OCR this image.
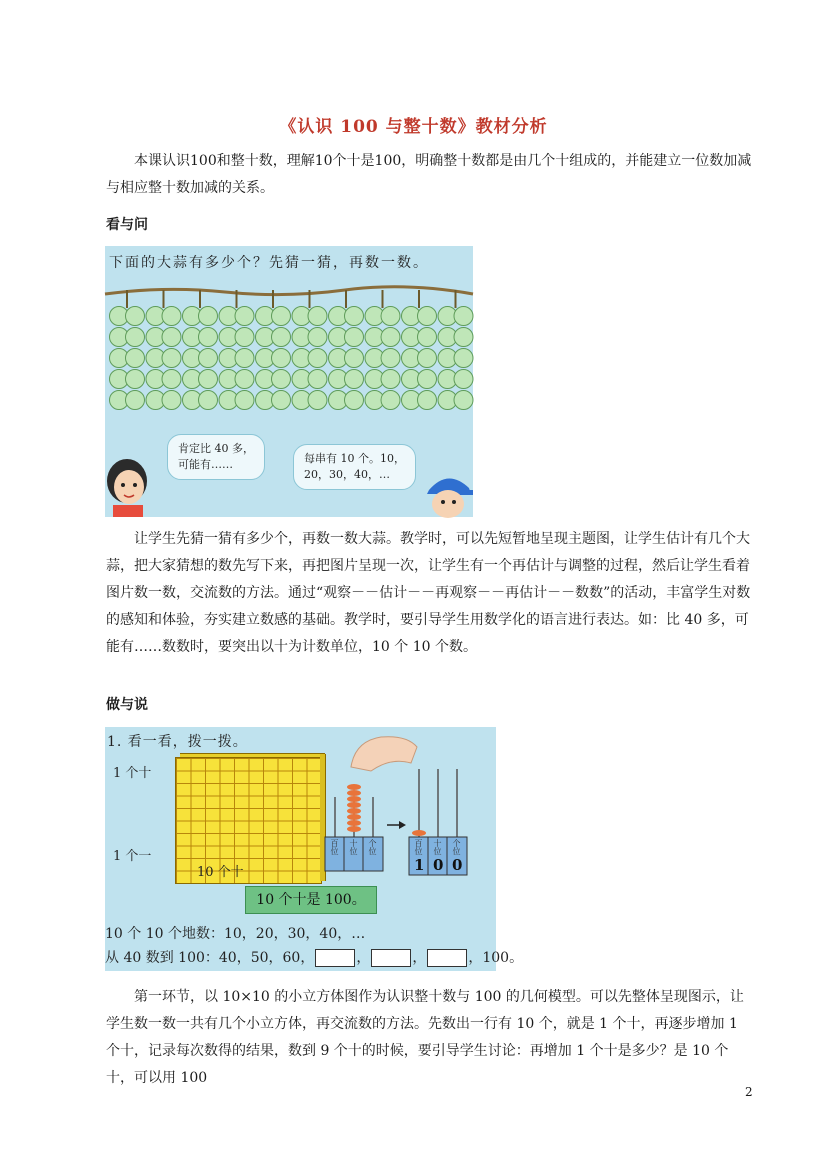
《认识 100 与整十数》教材分析
本课认识100和整十数，理解10个十是100，明确整十数都是由几个十组成的，并能建立一位数加减与相应整十数加减的关系。
看与问
下面的大蒜有多少个？先猜一猜，再数一数。
肯定比 40 多，
可能有……	每串有 10 个。10，
20，30，40，…
让学生先猜一猜有多少个，再数一数大蒜。教学时，可以先短暂地呈现主题图，让学生估计有几个大蒜，把大家猜想的数先写下来，再把图片呈现一次，让学生有一个再估计与调整的过程，然后让学生看着图片数一数，交流数的方法。通过“观察－－估计－－再观察－－再估计－－数数”的活动，丰富学生对数的感知和体验，夯实建立数感的基础。教学时，要引导学生用数学化的语言进行表达。如：比 40 多，可能有……数数时，要突出以十为计数单位，10 个 10 个数。
做与说
1. 看一看，拨一拨。
1 个十
1 个一
10 个十
百位 十位 个位	百位 十位 个位
1 0 0
10 个十是 100。
10 个 10 个地数：10，20，30，40，…
从 40 数到 100：40，50，60，	，	，	，100。
第一环节，以 10×10 的小立方体图作为认识整十数与 100 的几何模型。可以先整体呈现图示，让学生数一数一共有几个小立方体，再交流数的方法。先数出一行有 10 个，就是 1 个十，再逐步增加 1 个十，记录每次数得的结果，数到 9 个十的时候，要引导学生讨论：再增加 1 个十是多少？是 10 个十，可以用 100
2
